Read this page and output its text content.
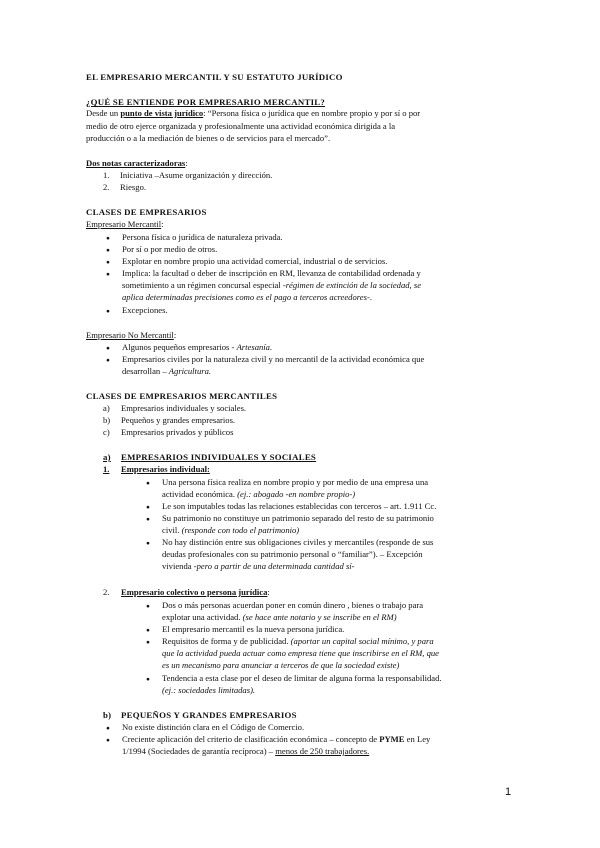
EL EMPRESARIO MERCANTIL Y SU ESTATUTO JURÍDICO
¿QUÉ SE ENTIENDE POR EMPRESARIO MERCANTIL?
Desde un punto de vista jurídico: “Persona física o jurídica que en nombre propio y por sí o por
medio de otro ejerce organizada y profesionalmente una actividad económica dirigida a la
producción o a la mediación de bienes o de servicios para el mercado”.
Dos notas caracterizadoras:
1. Iniciativa –Asume organización y dirección.
2. Riesgo.
CLASES DE EMPRESARIOS
Empresario Mercantil:
●
Persona física o jurídica de naturaleza privada.
●
Por sí o por medio de otros.
●
Explotar en nombre propio una actividad comercial, industrial o de servicios.
●
Implica: la facultad o deber de inscripción en RM, llevanza de contabilidad ordenada y
sometimiento a un régimen concursal especial -régimen de extinción de la sociedad, se
aplica determinadas precisiones como es el pago a terceros acreedores-.
●
Excepciones.
Empresario No Mercantil:
●
Algunos pequeños empresarios - Artesanía.
●
Empresarios civiles por la naturaleza civil y no mercantil de la actividad económica que
desarrollan – Agricultura.
CLASES DE EMPRESARIOS MERCANTILES
a) Empresarios individuales y sociales.
b) Pequeños y grandes empresarios.
c) Empresarios privados y públicos
a) EMPRESARIOS INDIVIDUALES Y SOCIALES
1. Empresarios individual:
●
Una persona física realiza en nombre propio y por medio de una empresa una
actividad económica. (ej.: abogado -en nombre propio-)
●
Le son imputables todas las relaciones establecidas con terceros – art. 1.911 Cc.
●
Su patrimonio no constituye un patrimonio separado del resto de su patrimonio
civil. (responde con todo el patrimonio)
●
No hay distinción entre sus obligaciones civiles y mercantiles (responde de sus
deudas profesionales con su patrimonio personal o “familiar”). – Excepción
vivienda -pero a partir de una determinada cantidad sí-
2. Empresario colectivo o persona jurídica:
●
Dos o más personas acuerdan poner en común dinero , bienes o trabajo para
explotar una actividad. (se hace ante notario y se inscribe en el RM)
●
El empresario mercantil es la nueva persona jurídica.
●
Requisitos de forma y de publicidad. (aportar un capital social mínimo, y para
que la actividad pueda actuar como empresa tiene que inscribirse en el RM, que
es un mecanismo para anunciar a terceros de que la sociedad existe)
●
Tendencia a esta clase por el deseo de limitar de alguna forma la responsabilidad.
(ej.: sociedades limitadas).
b) PEQUEÑOS Y GRANDES EMPRESARIOS
●
No existe distinción clara en el Código de Comercio.
●
Creciente aplicación del criterio de clasificación económica – concepto de PYME en Ley
1/1994 (Sociedades de garantía recíproca) – menos de 250 trabajadores.
1
